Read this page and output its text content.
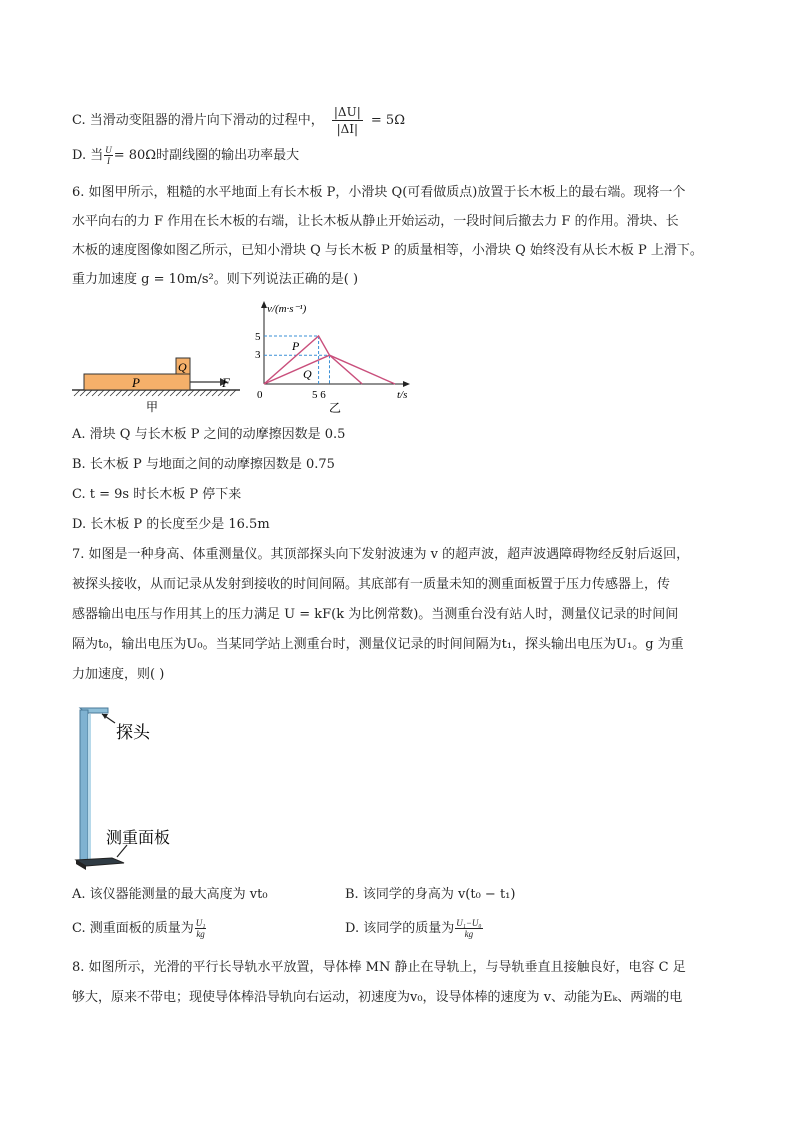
C. 当滑动变阻器的滑片向下滑动的过程中， $\frac{|\Delta U|}{|\Delta I|} = 5\Omega$
D. 当 $\frac{U}{I} = 80\Omega$时副线圈的输出功率最大
6. 如图甲所示，粗糙的水平地面上有长木板 P，小滑块 Q(可看做质点)放置于长木板上的最右端。现将一个
水平向右的力 F 作用在长木板的右端，让长木板从静止开始运动，一段时间后撤去力 F 的作用。滑块、长
木板的速度图像如图乙所示，已知小滑块 Q 与长木板 P 的质量相等，小滑块 Q 始终没有从长木板 P 上滑下。
重力加速度 g = 10m/s²。则下列说法正确的是( )
P
Q
F
甲
v/(m·s⁻¹)
t/s
5
3
0	5 6
P
Q
乙
A. 滑块 Q 与长木板 P 之间的动摩擦因数是 0.5
B. 长木板 P 与地面之间的动摩擦因数是 0.75
C. t = 9s 时长木板 P 停下来
D. 长木板 P 的长度至少是 16.5m
7. 如图是一种身高、体重测量仪。其顶部探头向下发射波速为 v 的超声波，超声波遇障碍物经反射后返回，
被探头接收，从而记录从发射到接收的时间间隔。其底部有一质量未知的测重面板置于压力传感器上，传
感器输出电压与作用其上的压力满足 U = kF(k 为比例常数)。当测重台没有站人时，测量仪记录的时间间
隔为t₀，输出电压为U₀。当某同学站上测重台时，测量仪记录的时间间隔为t₁，探头输出电压为U₁。g 为重
力加速度，则( )
探头
测重面板
A. 该仪器能测量的最大高度为 vt₀	B. 该同学的身高为 v(t₀ − t₁)
C. 测重面板的质量为 $\frac{\text{U₁}}{kg}$	D. 该同学的质量为 $\frac{\text{U₁−U₀}}{kg}$
8. 如图所示，光滑的平行长导轨水平放置，导体棒 MN 静止在导轨上，与导轨垂直且接触良好，电容 C 足
够大，原来不带电；现使导体棒沿导轨向右运动，初速度为v₀，设导体棒的速度为 v、动能为Eₖ、两端的电
